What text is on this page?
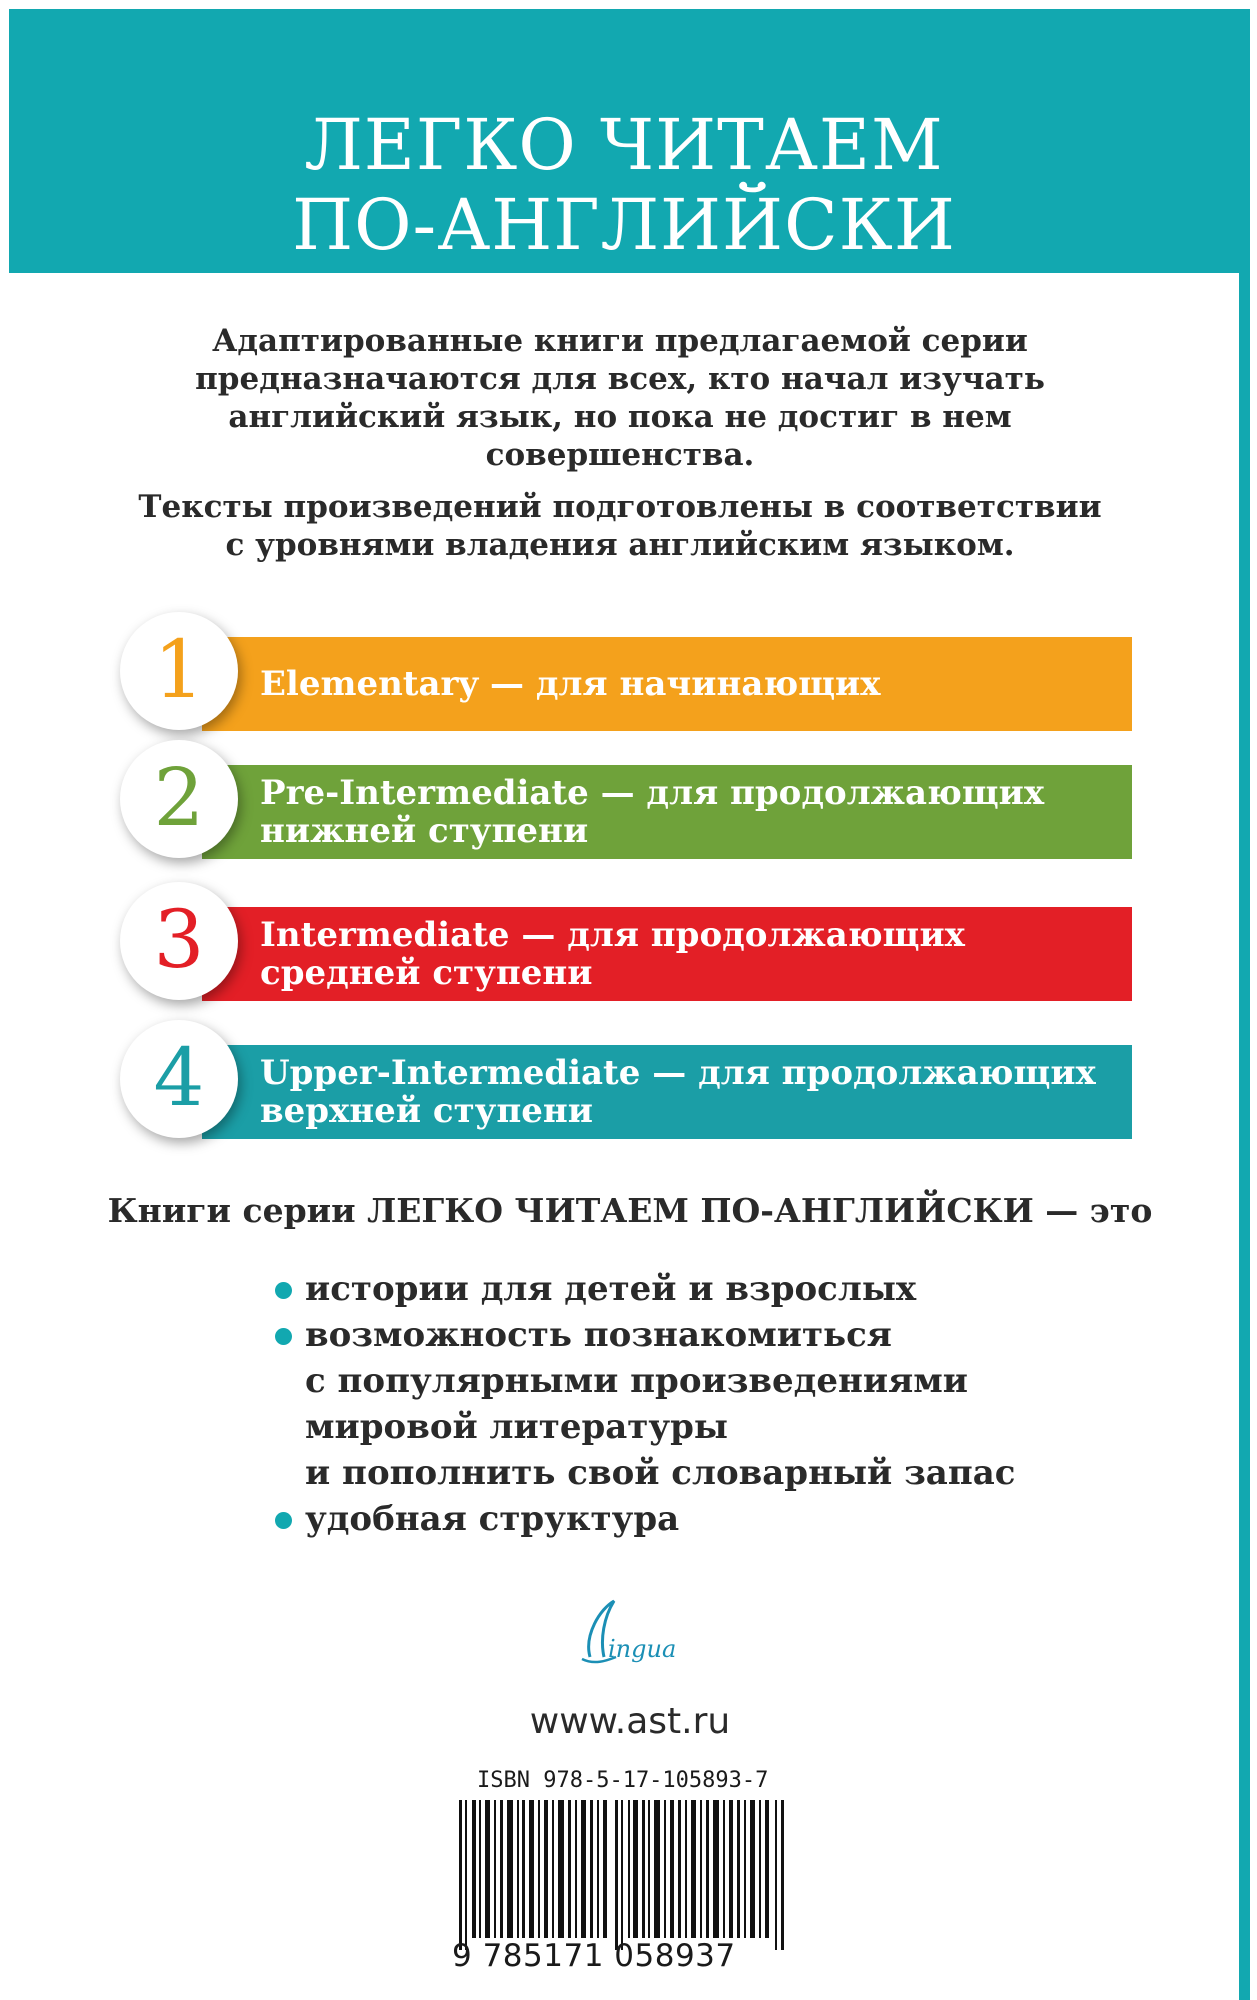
ЛЕГКО ЧИТАЕМ
ПО-АНГЛИЙСКИ

Адаптированные книги предлагаемой серии
предназначаются для всех, кто начал изучать
английский язык, но пока не достиг в нем
совершенства.

Тексты произведений подготовлены в соответствии
с уровнями владения английским языком.

1	Elementary — для начинающих
2	Pre-Intermediate — для продолжающих
нижней ступени
3	Intermediate — для продолжающих
средней ступени
4	Upper-Intermediate — для продолжающих
верхней ступени

Книги серии ЛЕГКО ЧИТАЕМ ПО-АНГЛИЙСКИ — это

истории для детей и взрослых
возможность познакомиться
с популярными произведениями
мировой литературы
и пополнить свой словарный запас
удобная структура
ingua
www.ast.ru
ISBN 978-5-17-105893-7
9 785171 058937
